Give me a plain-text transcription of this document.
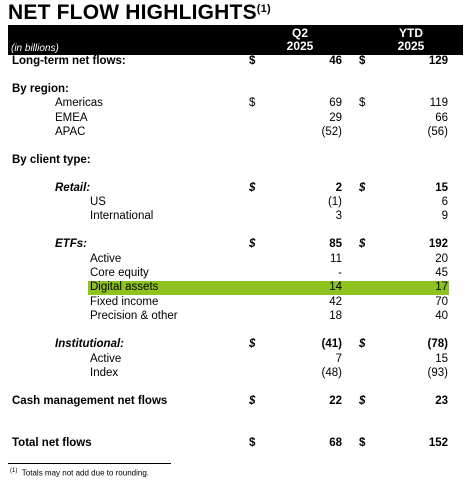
NET FLOW HIGHLIGHTS$^{(1)}$
(in billions)
Q2
2025
YTD
2025
Long-term net flows:	$	46 $	129
By region:
Americas	$	69 $	119
EMEA	29	66
APAC	(52)	(56)
By client type:
Retail:	$	2 $	15
US	(1)	6
International	3	9
ETFs:	$	85 $	192
Active	11	20
Core equity	-	45
Digital assets	14	17
Fixed income	42	70
Precision & other	18	40
Institutional:	$	(41) $	(78)
Active	7	15
Index	(48)	(93)
Cash management net flows	$	22 $	23
Total net flows	$	68 $	152
$^{(1)}$ Totals may not add due to rounding.
